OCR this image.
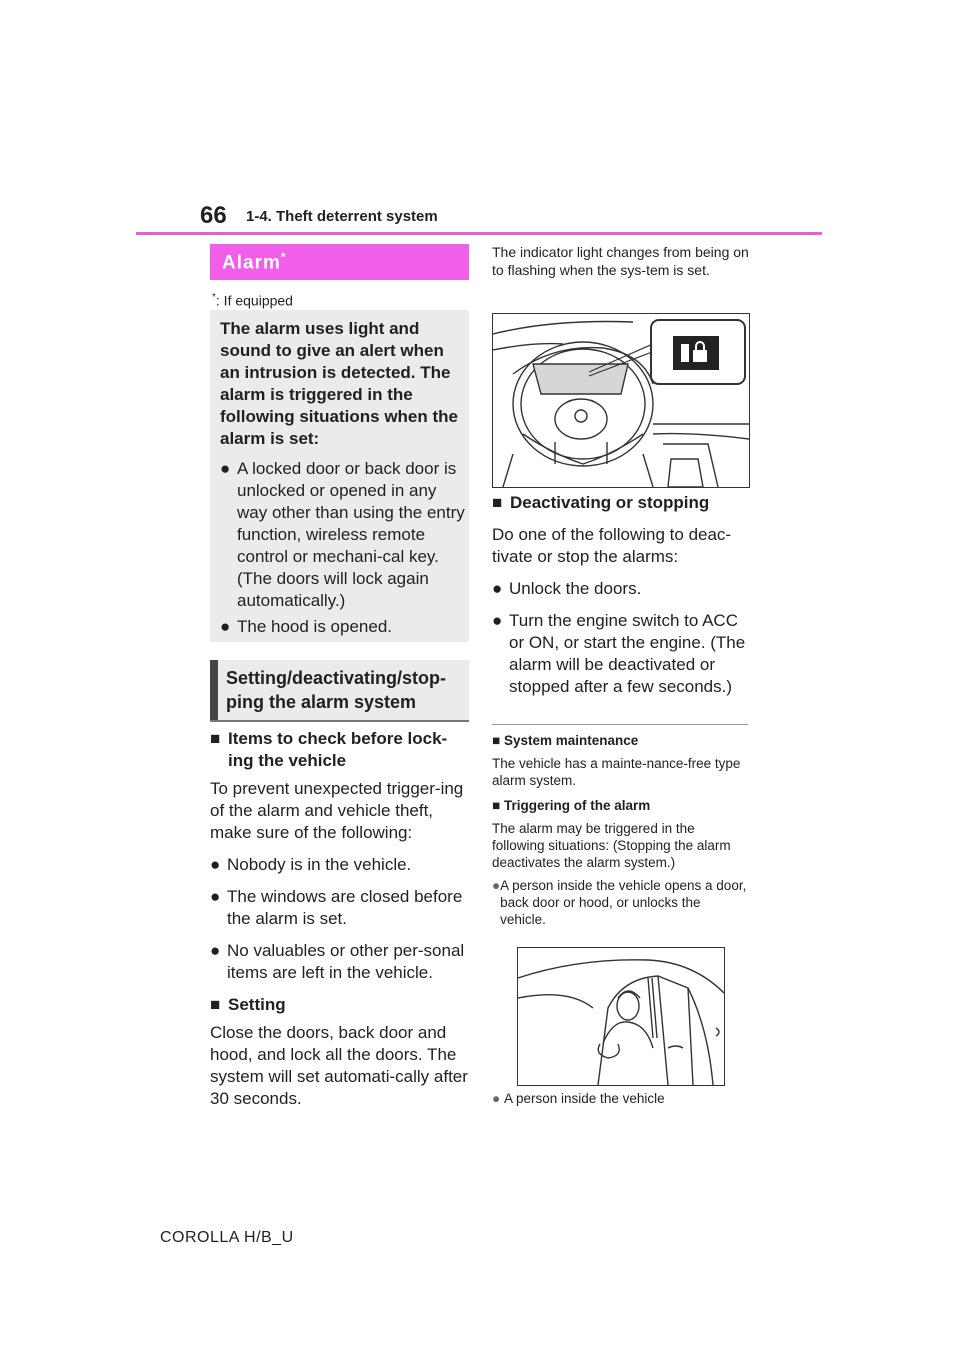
66 1-4. Theft deterrent system
Alarm*
*: If equipped
The alarm uses light and sound to give an alert when an intrusion is detected. The alarm is triggered in the following situations when the alarm is set:
● A locked door or back door is unlocked or opened in any way other than using the entry function, wireless remote control or mechani-cal key. (The doors will lock again automatically.)
● The hood is opened.
Setting/deactivating/stop-ping the alarm system
■ Items to check before lock-ing the vehicle
To prevent unexpected trigger-ing of the alarm and vehicle theft, make sure of the following:
● Nobody is in the vehicle.
● The windows are closed before the alarm is set.
● No valuables or other per-sonal items are left in the vehicle.
■ Setting
Close the doors, back door and hood, and lock all the doors. The system will set automati-cally after 30 seconds.
The indicator light changes from being on to flashing when the sys-tem is set.
■ Deactivating or stopping
Do one of the following to deac-tivate or stop the alarms:
● Unlock the doors.
● Turn the engine switch to ACC or ON, or start the engine. (The alarm will be deactivated or stopped after a few seconds.)
■ System maintenance
The vehicle has a mainte-nance-free type alarm system.
■ Triggering of the alarm
The alarm may be triggered in the following situations: (Stopping the alarm deactivates the alarm system.)
● A person inside the vehicle opens a door, back door or hood, or unlocks the vehicle.
● A person inside the vehicle
COROLLA H/B_U
